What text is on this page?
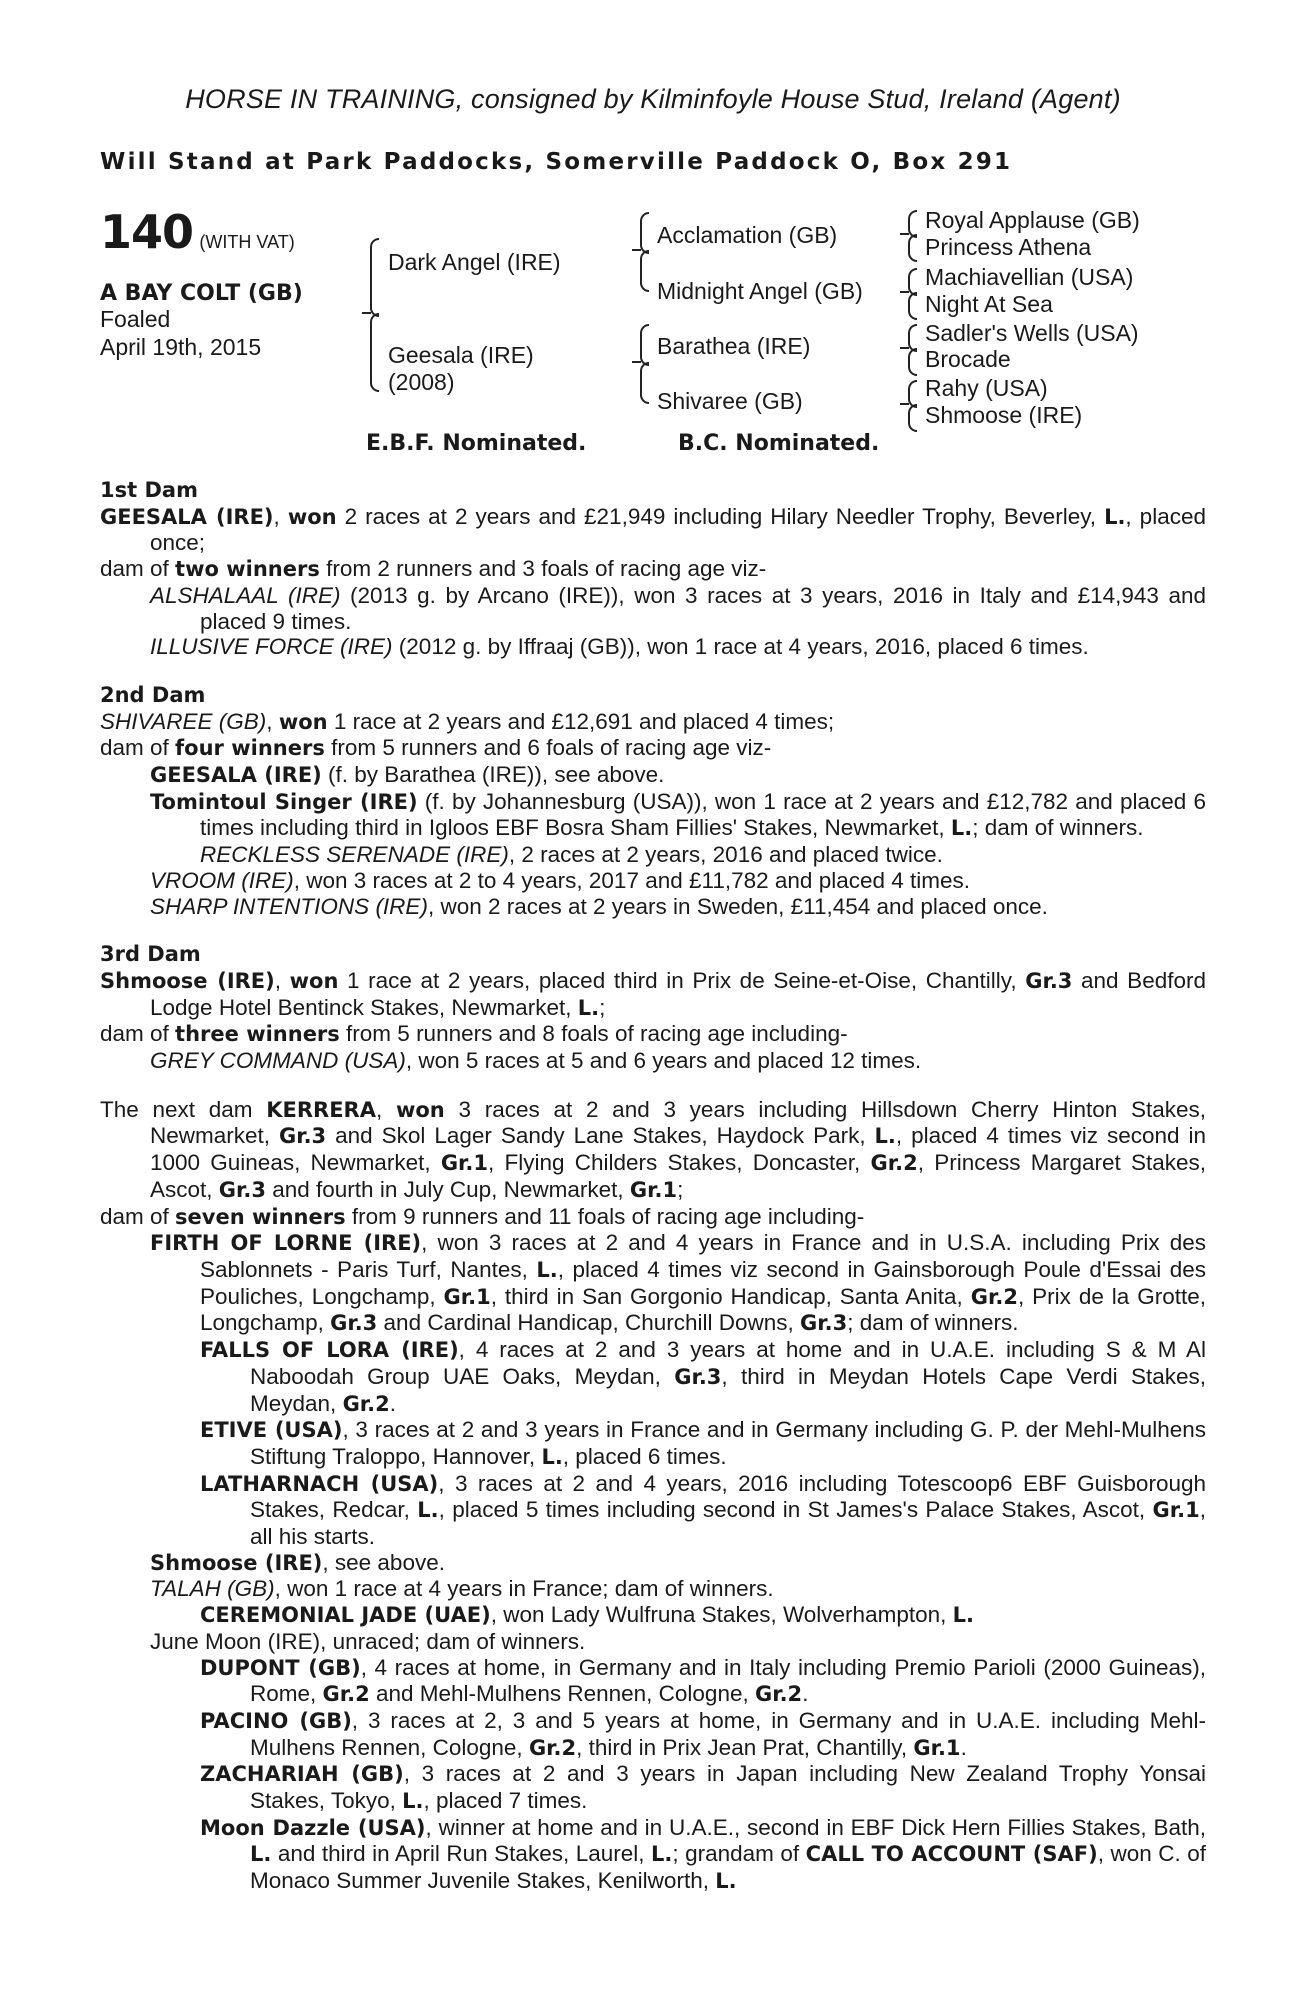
HORSE IN TRAINING, consigned by Kilminfoyle House Stud, Ireland (Agent)
Will Stand at Park Paddocks, Somerville Paddock O, Box 291
140 (WITH VAT)
A BAY COLT (GB)
Foaled
April 19th, 2015
Dark Angel (IRE)
Geesala (IRE)
(2008)
Acclamation (GB)
Midnight Angel (GB)
Barathea (IRE)
Shivaree (GB)
Royal Applause (GB)
Princess Athena
Machiavellian (USA)
Night At Sea
Sadler's Wells (USA)
Brocade
Rahy (USA)
Shmoose (IRE)
E.B.F. Nominated.	B.C. Nominated.
1st Dam

GEESALA (IRE), won 2 races at 2 years and £21,949 including Hilary Needler Trophy, Beverley, L., placed once;

dam of two winners from 2 runners and 3 foals of racing age viz-

ALSHALAAL (IRE) (2013 g. by Arcano (IRE)), won 3 races at 3 years, 2016 in Italy and £14,943 and placed 9 times.

ILLUSIVE FORCE (IRE) (2012 g. by Iffraaj (GB)), won 1 race at 4 years, 2016, placed 6 times.

2nd Dam

SHIVAREE (GB), won 1 race at 2 years and £12,691 and placed 4 times;

dam of four winners from 5 runners and 6 foals of racing age viz-

GEESALA (IRE) (f. by Barathea (IRE)), see above.

Tomintoul Singer (IRE) (f. by Johannesburg (USA)), won 1 race at 2 years and £12,782 and placed 6 times including third in Igloos EBF Bosra Sham Fillies' Stakes, Newmarket, L.; dam of winners.

RECKLESS SERENADE (IRE), 2 races at 2 years, 2016 and placed twice.

VROOM (IRE), won 3 races at 2 to 4 years, 2017 and £11,782 and placed 4 times.

SHARP INTENTIONS (IRE), won 2 races at 2 years in Sweden, £11,454 and placed once.

3rd Dam

Shmoose (IRE), won 1 race at 2 years, placed third in Prix de Seine-et-Oise, Chantilly, Gr.3 and Bedford Lodge Hotel Bentinck Stakes, Newmarket, L.;

dam of three winners from 5 runners and 8 foals of racing age including-

GREY COMMAND (USA), won 5 races at 5 and 6 years and placed 12 times.

The next dam KERRERA, won 3 races at 2 and 3 years including Hillsdown Cherry Hinton Stakes, Newmarket, Gr.3 and Skol Lager Sandy Lane Stakes, Haydock Park, L., placed 4 times viz second in 1000 Guineas, Newmarket, Gr.1, Flying Childers Stakes, Doncaster, Gr.2, Princess Margaret Stakes, Ascot, Gr.3 and fourth in July Cup, Newmarket, Gr.1;

dam of seven winners from 9 runners and 11 foals of racing age including-

FIRTH OF LORNE (IRE), won 3 races at 2 and 4 years in France and in U.S.A. including Prix des Sablonnets - Paris Turf, Nantes, L., placed 4 times viz second in Gainsborough Poule d'Essai des Pouliches, Longchamp, Gr.1, third in San Gorgonio Handicap, Santa Anita, Gr.2, Prix de la Grotte, Longchamp, Gr.3 and Cardinal Handicap, Churchill Downs, Gr.3; dam of winners.

FALLS OF LORA (IRE), 4 races at 2 and 3 years at home and in U.A.E. including S & M Al Naboodah Group UAE Oaks, Meydan, Gr.3, third in Meydan Hotels Cape Verdi Stakes, Meydan, Gr.2.

ETIVE (USA), 3 races at 2 and 3 years in France and in Germany including G. P. der Mehl-Mulhens Stiftung Traloppo, Hannover, L., placed 6 times.

LATHARNACH (USA), 3 races at 2 and 4 years, 2016 including Totescoop6 EBF Guisborough Stakes, Redcar, L., placed 5 times including second in St James's Palace Stakes, Ascot, Gr.1, all his starts.

Shmoose (IRE), see above.

TALAH (GB), won 1 race at 4 years in France; dam of winners.

CEREMONIAL JADE (UAE), won Lady Wulfruna Stakes, Wolverhampton, L.

June Moon (IRE), unraced; dam of winners.

DUPONT (GB), 4 races at home, in Germany and in Italy including Premio Parioli (2000 Guineas), Rome, Gr.2 and Mehl-Mulhens Rennen, Cologne, Gr.2.

PACINO (GB), 3 races at 2, 3 and 5 years at home, in Germany and in U.A.E. including Mehl-Mulhens Rennen, Cologne, Gr.2, third in Prix Jean Prat, Chantilly, Gr.1.

ZACHARIAH (GB), 3 races at 2 and 3 years in Japan including New Zealand Trophy Yonsai Stakes, Tokyo, L., placed 7 times.

Moon Dazzle (USA), winner at home and in U.A.E., second in EBF Dick Hern Fillies Stakes, Bath, L. and third in April Run Stakes, Laurel, L.; grandam of CALL TO ACCOUNT (SAF), won C. of Monaco Summer Juvenile Stakes, Kenilworth, L.
